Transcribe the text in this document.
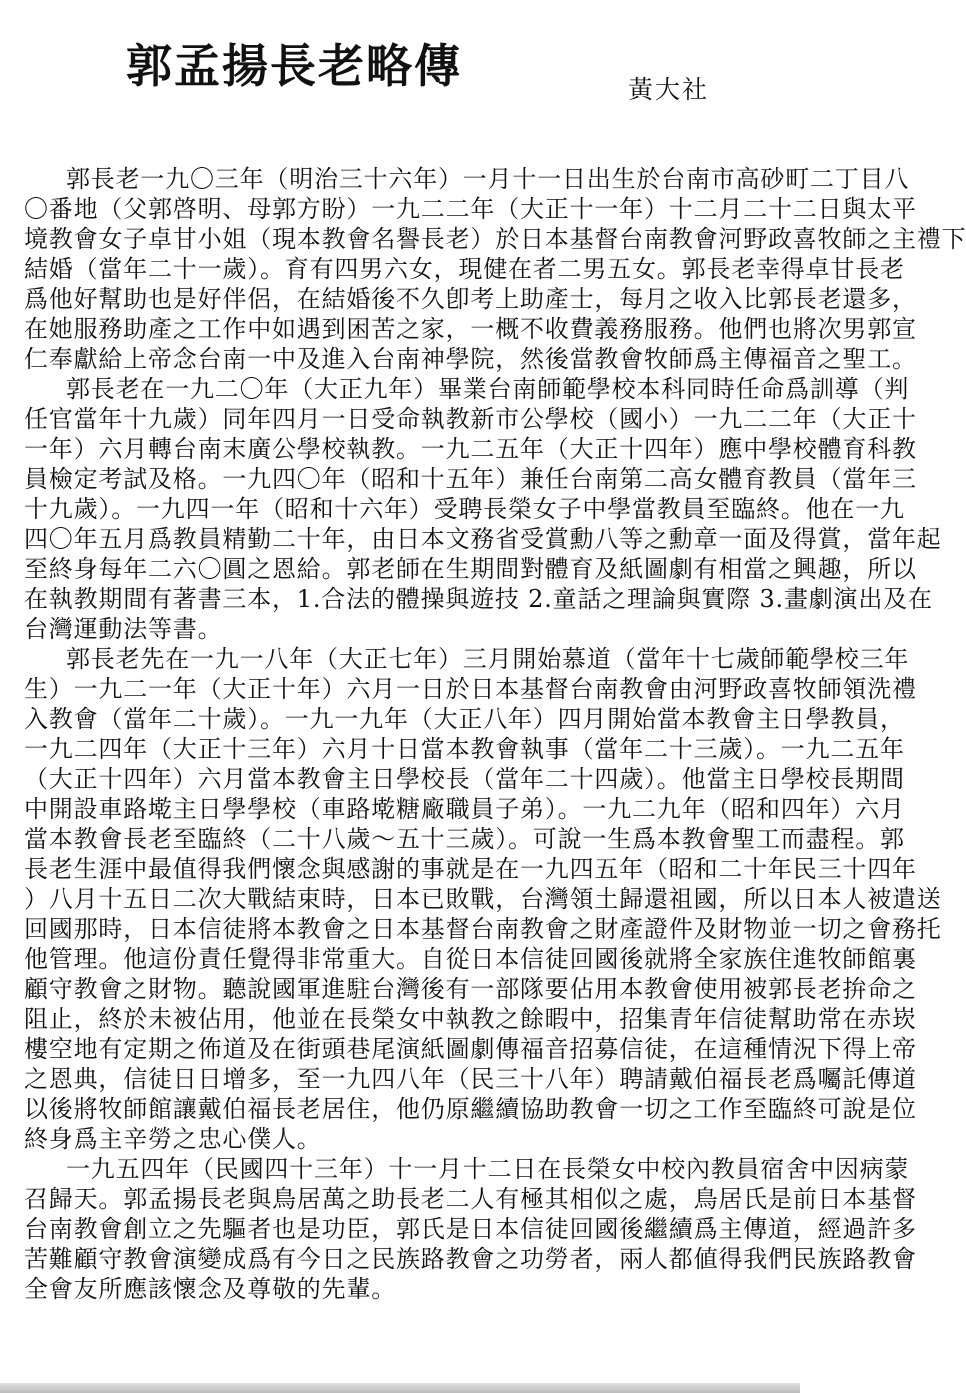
郭孟揚長老略傳	黃大社
郭長老一九〇三年（明治三十六年）一月十一日出生於台南市高砂町二丁目八
〇番地（父郭啓明、母郭方盼）一九二二年（大正十一年）十二月二十二日與太平
境教會女子卓甘小姐（現本教會名譽長老）於日本基督台南教會河野政喜牧師之主禮下
結婚（當年二十一歲）。育有四男六女，現健在者二男五女。郭長老幸得卓甘長老
爲他好幫助也是好伴侶，在結婚後不久卽考上助產士，每月之收入比郭長老還多，
在她服務助產之工作中如遇到困苦之家，一概不收費義務服務。他們也將次男郭宣
仁奉獻給上帝念台南一中及進入台南神學院，然後當教會牧師爲主傳福音之聖工。
郭長老在一九二〇年（大正九年）畢業台南師範學校本科同時任命爲訓導（判
任官當年十九歲）同年四月一日受命執教新市公學校（國小）一九二二年（大正十
一年）六月轉台南末廣公學校執教。一九二五年（大正十四年）應中學校體育科教
員檢定考試及格。一九四〇年（昭和十五年）兼任台南第二高女體育教員（當年三
十九歲）。一九四一年（昭和十六年）受聘長榮女子中學當教員至臨終。他在一九
四〇年五月爲教員精勤二十年，由日本文務省受賞勳八等之勳章一面及得賞，當年起
至終身每年二六〇圓之恩給。郭老師在生期間對體育及紙圖劇有相當之興趣，所以
在執教期間有著書三本，1.合法的體操與遊技 2.童話之理論與實際 3.畫劇演出及在
台灣運動法等書。
郭長老先在一九一八年（大正七年）三月開始慕道（當年十七歲師範學校三年
生）一九二一年（大正十年）六月一日於日本基督台南教會由河野政喜牧師領洗禮
入教會（當年二十歲）。一九一九年（大正八年）四月開始當本教會主日學教員，
一九二四年（大正十三年）六月十日當本教會執事（當年二十三歲）。一九二五年
（大正十四年）六月當本教會主日學校長（當年二十四歲）。他當主日學校長期間
中開設車路墘主日學學校（車路墘糖廠職員子弟）。一九二九年（昭和四年）六月
當本教會長老至臨終（二十八歲～五十三歲）。可說一生爲本教會聖工而盡程。郭
長老生涯中最值得我們懷念與感謝的事就是在一九四五年（昭和二十年民三十四年
）八月十五日二次大戰結束時，日本已敗戰，台灣領土歸還祖國，所以日本人被遣送
回國那時，日本信徒將本教會之日本基督台南教會之財產證件及財物並一切之會務托
他管理。他這份責任覺得非常重大。自從日本信徒回國後就將全家族住進牧師館裏
顧守教會之財物。聽說國軍進駐台灣後有一部隊要佔用本教會使用被郭長老拚命之
阻止，終於未被佔用，他並在長榮女中執教之餘暇中，招集青年信徒幫助常在赤崁
樓空地有定期之佈道及在街頭巷尾演紙圖劇傳福音招募信徒，在這種情況下得上帝
之恩典，信徒日日增多，至一九四八年（民三十八年）聘請戴伯福長老爲囑託傳道
以後將牧師館讓戴伯福長老居住，他仍原繼續協助教會一切之工作至臨終可說是位
終身爲主辛勞之忠心僕人。
一九五四年（民國四十三年）十一月十二日在長榮女中校內教員宿舍中因病蒙
召歸天。郭孟揚長老與鳥居萬之助長老二人有極其相似之處，鳥居氏是前日本基督
台南教會創立之先驅者也是功臣，郭氏是日本信徒回國後繼續爲主傳道，經過許多
苦難顧守教會演變成爲有今日之民族路教會之功勞者，兩人都値得我們民族路教會
全會友所應該懷念及尊敬的先輩。
